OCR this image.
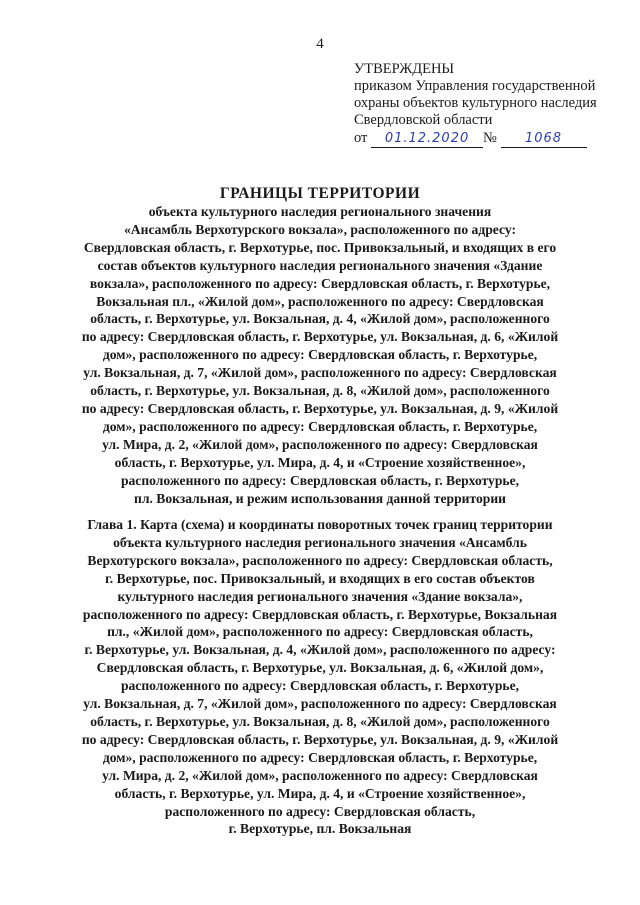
4
УТВЕРЖДЕНЫ
приказом Управления государственной
охраны объектов культурного наследия
Свердловской области
от 01.12.2020 № 1068
ГРАНИЦЫ ТЕРРИТОРИИ
объекта культурного наследия регионального значения
«Ансамбль Верхотурского вокзала», расположенного по адресу:
Свердловская область, г. Верхотурье, пос. Привокзальный, и входящих в его
состав объектов культурного наследия регионального значения «Здание
вокзала», расположенного по адресу: Свердловская область, г. Верхотурье,
Вокзальная пл., «Жилой дом», расположенного по адресу: Свердловская
область, г. Верхотурье, ул. Вокзальная, д. 4, «Жилой дом», расположенного
по адресу: Свердловская область, г. Верхотурье, ул. Вокзальная, д. 6, «Жилой
дом», расположенного по адресу: Свердловская область, г. Верхотурье,
ул. Вокзальная, д. 7, «Жилой дом», расположенного по адресу: Свердловская
область, г. Верхотурье, ул. Вокзальная, д. 8, «Жилой дом», расположенного
по адресу: Свердловская область, г. Верхотурье, ул. Вокзальная, д. 9, «Жилой
дом», расположенного по адресу: Свердловская область, г. Верхотурье,
ул. Мира, д. 2, «Жилой дом», расположенного по адресу: Свердловская
область, г. Верхотурье, ул. Мира, д. 4, и «Строение хозяйственное»,
расположенного по адресу: Свердловская область, г. Верхотурье,
пл. Вокзальная, и режим использования данной территории
Глава 1. Карта (схема) и координаты поворотных точек границ территории
объекта культурного наследия регионального значения «Ансамбль
Верхотурского вокзала», расположенного по адресу: Свердловская область,
г. Верхотурье, пос. Привокзальный, и входящих в его состав объектов
культурного наследия регионального значения «Здание вокзала»,
расположенного по адресу: Свердловская область, г. Верхотурье, Вокзальная
пл., «Жилой дом», расположенного по адресу: Свердловская область,
г. Верхотурье, ул. Вокзальная, д. 4, «Жилой дом», расположенного по адресу:
Свердловская область, г. Верхотурье, ул. Вокзальная, д. 6, «Жилой дом»,
расположенного по адресу: Свердловская область, г. Верхотурье,
ул. Вокзальная, д. 7, «Жилой дом», расположенного по адресу: Свердловская
область, г. Верхотурье, ул. Вокзальная, д. 8, «Жилой дом», расположенного
по адресу: Свердловская область, г. Верхотурье, ул. Вокзальная, д. 9, «Жилой
дом», расположенного по адресу: Свердловская область, г. Верхотурье,
ул. Мира, д. 2, «Жилой дом», расположенного по адресу: Свердловская
область, г. Верхотурье, ул. Мира, д. 4, и «Строение хозяйственное»,
расположенного по адресу: Свердловская область,
г. Верхотурье, пл. Вокзальная
